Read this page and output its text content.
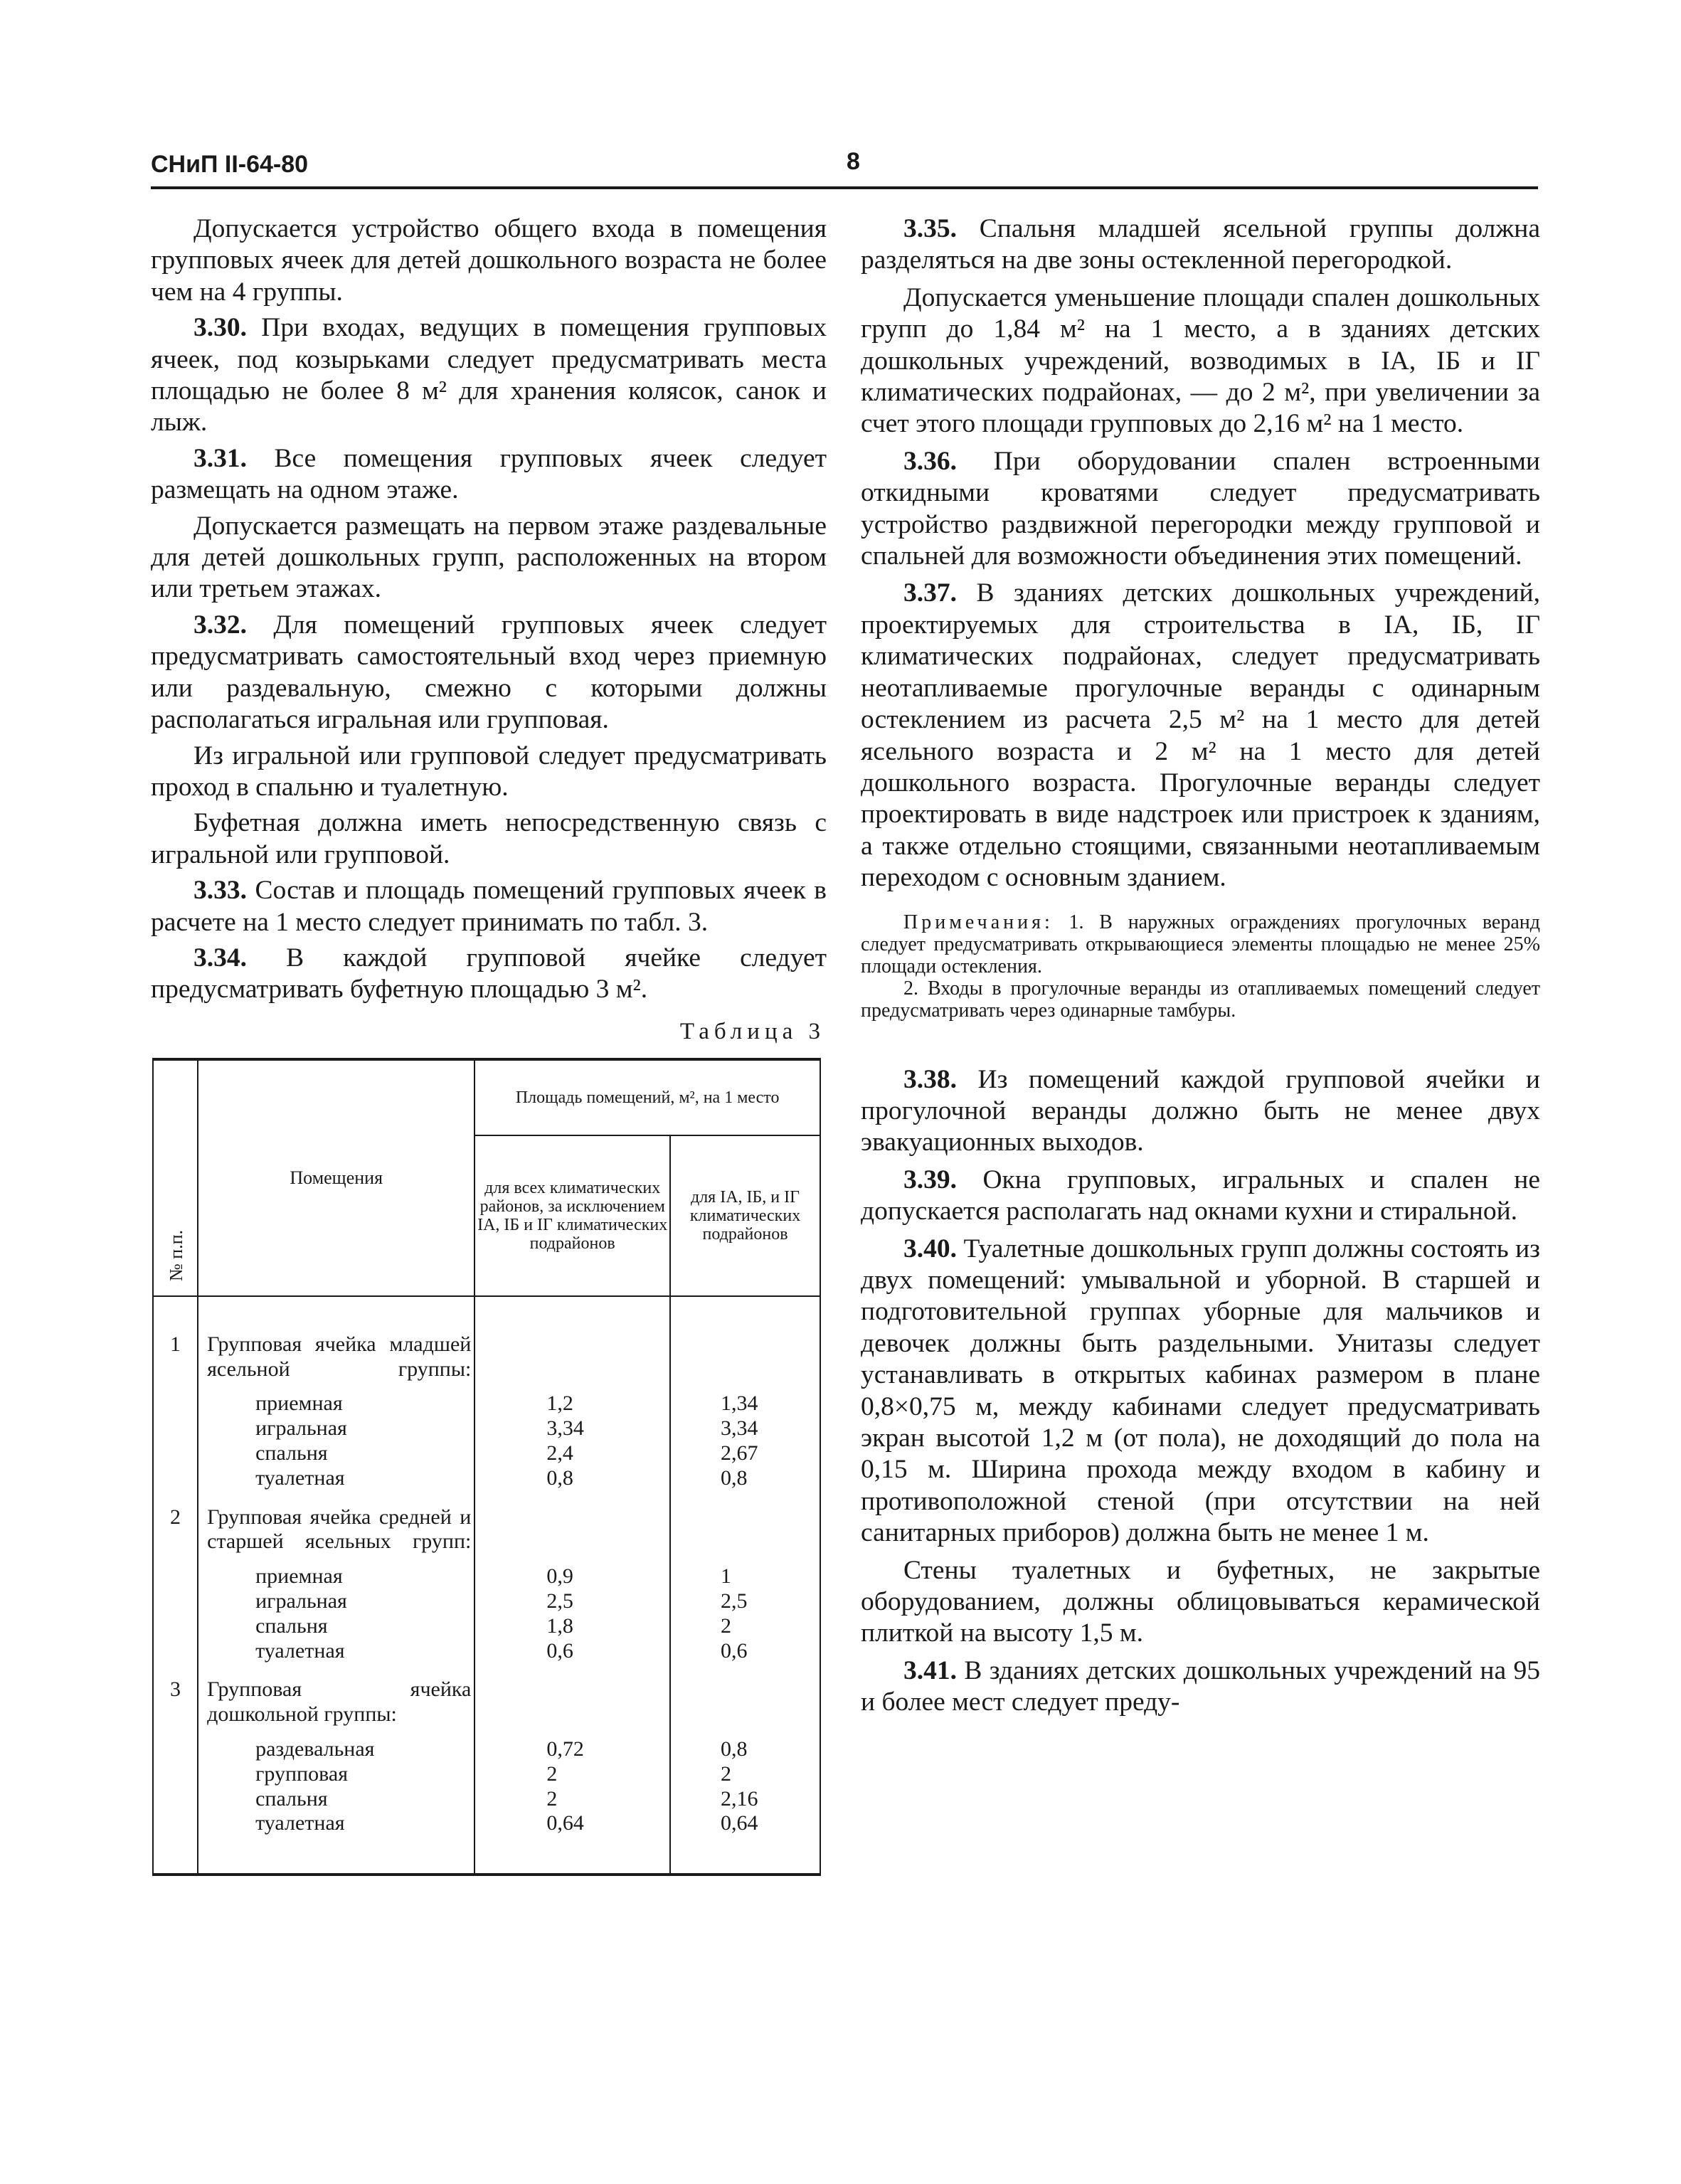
СНиП II-64-80	8

Допускается устройство общего входа в помещения групповых ячеек для детей дошкольного возраста не более чем на 4 группы.

3.30. При входах, ведущих в помещения групповых ячеек, под козырьками следует предусматривать места площадью не более 8 м² для хранения колясок, санок и лыж.

3.31. Все помещения групповых ячеек следует размещать на одном этаже.

Допускается размещать на первом этаже раздевальные для детей дошкольных групп, расположенных на втором или третьем этажах.

3.32. Для помещений групповых ячеек следует предусматривать самостоятельный вход через приемную или раздевальную, смежно с которыми должны располагаться игральная или групповая.

Из игральной или групповой следует предусматривать проход в спальню и туалетную.

Буфетная должна иметь непосредственную связь с игральной или групповой.

3.33. Состав и площадь помещений групповых ячеек в расчете на 1 место следует принимать по табл. 3.

3.34. В каждой групповой ячейке следует предусматривать буфетную площадью 3 м².

Таблица 3
№ п.п.	Помещения	Площадь помещений, м², на 1 место	
		для всех климатических районов, за исключением IA, IБ и IГ климатических подрайонов	для IA, IБ, и IГ климатических подрайонов
1	Групповая ячейка младшей ясельной группы:		
	приемная	1,2	1,34
	игральная	3,34	3,34
	спальня	2,4	2,67
	туалетная	0,8	0,8
2	Групповая ячейка средней и старшей ясельных групп:		
	приемная	0,9	1
	игральная	2,5	2,5
	спальня	1,8	2
	туалетная	0,6	0,6
3	Групповая ячейка дошкольной группы:		
	раздевальная	0,72	0,8
	групповая	2	2
	спальня	2	2,16
	туалетная	0,64	0,64

3.35. Спальня младшей ясельной группы должна разделяться на две зоны остекленной перегородкой.

Допускается уменьшение площади спален дошкольных групп до 1,84 м² на 1 место, а в зданиях детских дошкольных учреждений, возводимых в IA, IБ и IГ климатических подрайонах, — до 2 м², при увеличении за счет этого площади групповых до 2,16 м² на 1 место.

3.36. При оборудовании спален встроенными откидными кроватями следует предусматривать устройство раздвижной перегородки между групповой и спальней для возможности объединения этих помещений.

3.37. В зданиях детских дошкольных учреждений, проектируемых для строительства в IA, IБ, IГ климатических подрайонах, следует предусматривать неотапливаемые прогулочные веранды с одинарным остеклением из расчета 2,5 м² на 1 место для детей ясельного возраста и 2 м² на 1 место для детей дошкольного возраста. Прогулочные веранды следует проектировать в виде надстроек или пристроек к зданиям, а также отдельно стоящими, связанными неотапливаемым переходом с основным зданием.

Примечания: 1. В наружных ограждениях прогулочных веранд следует предусматривать открывающиеся элементы площадью не менее 25% площади остекления.

2. Входы в прогулочные веранды из отапливаемых помещений следует предусматривать через одинарные тамбуры.

3.38. Из помещений каждой групповой ячейки и прогулочной веранды должно быть не менее двух эвакуационных выходов.

3.39. Окна групповых, игральных и спален не допускается располагать над окнами кухни и стиральной.

3.40. Туалетные дошкольных групп должны состоять из двух помещений: умывальной и уборной. В старшей и подготовительной группах уборные для мальчиков и девочек должны быть раздельными. Унитазы следует устанавливать в открытых кабинах размером в плане 0,8×0,75 м, между кабинами следует предусматривать экран высотой 1,2 м (от пола), не доходящий до пола на 0,15 м. Ширина прохода между входом в кабину и противоположной стеной (при отсутствии на ней санитарных приборов) должна быть не менее 1 м.

Стены туалетных и буфетных, не закрытые оборудованием, должны облицовываться керамической плиткой на высоту 1,5 м.

3.41. В зданиях детских дошкольных учреждений на 95 и более мест следует преду-
